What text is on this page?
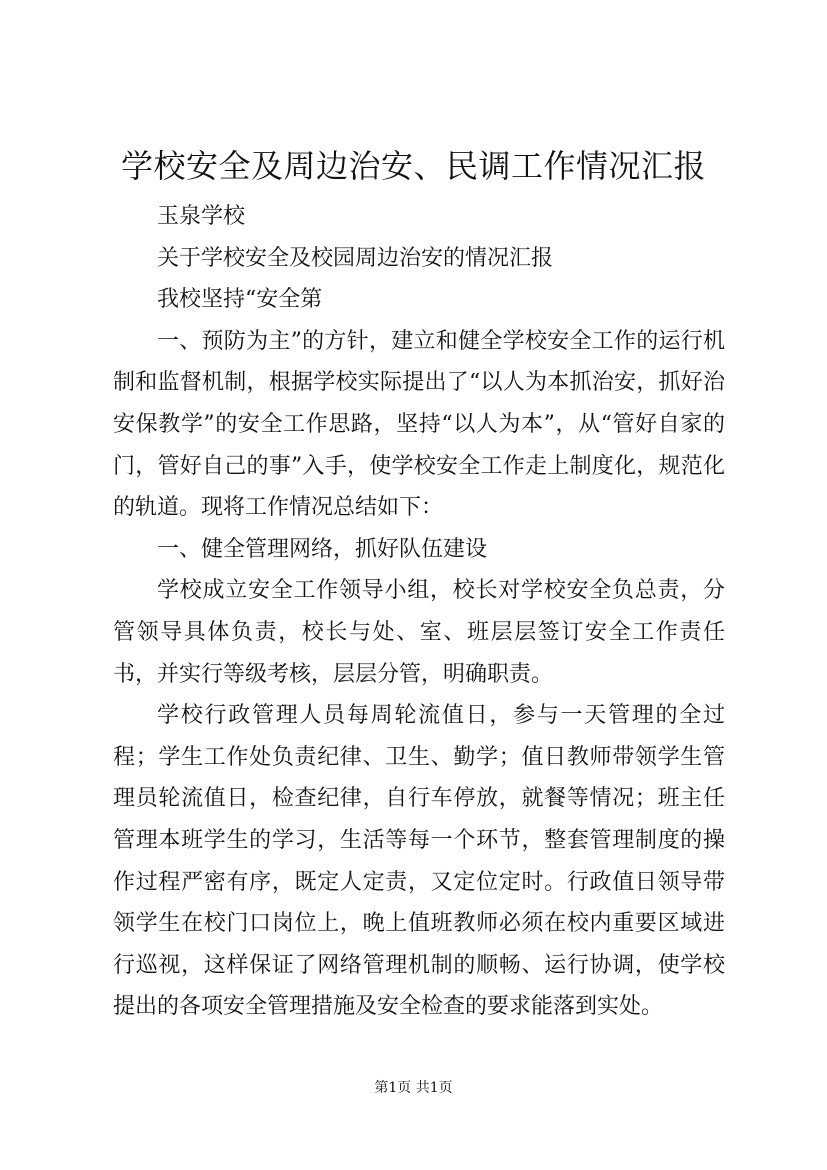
学校安全及周边治安、民调工作情况汇报

玉泉学校

关于学校安全及校园周边治安的情况汇报

我校坚持“安全第

一、预防为主”的方针，建立和健全学校安全工作的运行机制和监督机制，根据学校实际提出了“以人为本抓治安，抓好治安保教学”的安全工作思路，坚持“以人为本”，从“管好自家的门，管好自己的事”入手，使学校安全工作走上制度化，规范化的轨道。现将工作情况总结如下：

一、健全管理网络，抓好队伍建设

学校成立安全工作领导小组，校长对学校安全负总责，分管领导具体负责，校长与处、室、班层层签订安全工作责任书，并实行等级考核，层层分管，明确职责。

学校行政管理人员每周轮流值日，参与一天管理的全过程；学生工作处负责纪律、卫生、勤学；值日教师带领学生管理员轮流值日，检查纪律，自行车停放，就餐等情况；班主任管理本班学生的学习，生活等每一个环节，整套管理制度的操作过程严密有序，既定人定责，又定位定时。行政值日领导带领学生在校门口岗位上，晚上值班教师必须在校内重要区域进行巡视，这样保证了网络管理机制的顺畅、运行协调，使学校提出的各项安全管理措施及安全检查的要求能落到实处。

第1页 共1页
